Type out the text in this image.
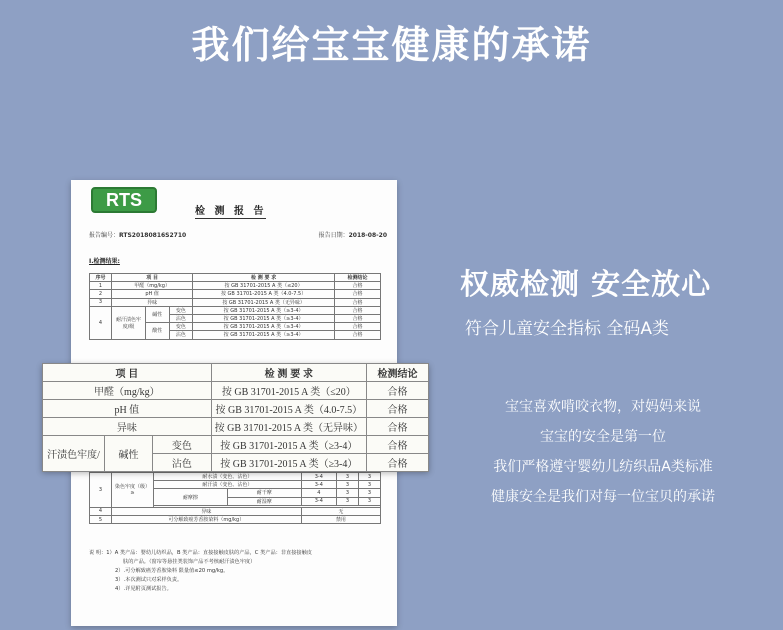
我们给宝宝健康的承诺
RTS
检 测 报 告
报告编号：RTS20180816S2710	报告日期：2018-08-20
I.检测结果:
序号	项 目			检 测 要 求	检测结论
1	甲醛（mg/kg）			按 GB 31701-2015 A 类（≤20）	合格
2	pH 值			按 GB 31701-2015 A 类（4.0-7.5）	合格
3	异味			按 GB 31701-2015 A 类（无异味）	合格
4	耐汗渍色牢度/级	碱性	变色	按 GB 31701-2015 A 类（≥3-4）	合格
			沾色	按 GB 31701-2015 A 类（≥3-4）	合格
		酸性	变色	按 GB 31701-2015 A 类（≥3-4）	合格
			沾色	按 GB 31701-2015 A 类（≥3-4）	合格
3	染色牢度（级）≥	耐水渍（变色、沾色）		3-4	3	3
		耐汗渍（变色、沾色）		3-4	3	3
		耐摩擦	耐干摩	4	3	3
			耐湿摩	3-4	3	3

4	异味			无		
5	可分解致癌芳香胺染料（mg/kg）			禁用		
说 明：1）A 类产品：婴幼儿纺织品，B 类产品：直接接触皮肤的产品，C 类产品：非直接接触皮
肤的产品。（窗帘等悬挂类装饰产品不考核耐汗渍色牢度）
2）.可分解致癌芳香胺染料 限量值≤20 mg/kg。
3）.本次测试只对采样负责。
4）.详见附页测试报告。
项 目			检 测 要 求	检测结论
甲醛（mg/kg）			按 GB 31701-2015 A 类（≤20）	合格
pH 值			按 GB 31701-2015 A 类（4.0-7.5）	合格
异味			按 GB 31701-2015 A 类（无异味）	合格
汗渍色牢度/	碱性	变色	按 GB 31701-2015 A 类（≥3-4）	合格
		沾色	按 GB 31701-2015 A 类（≥3-4）	合格
权威检测 安全放心
符合儿童安全指标 全码A类
宝宝喜欢啃咬衣物，对妈妈来说
宝宝的安全是第一位
我们严格遵守婴幼儿纺织品A类标准
健康安全是我们对每一位宝贝的承诺
